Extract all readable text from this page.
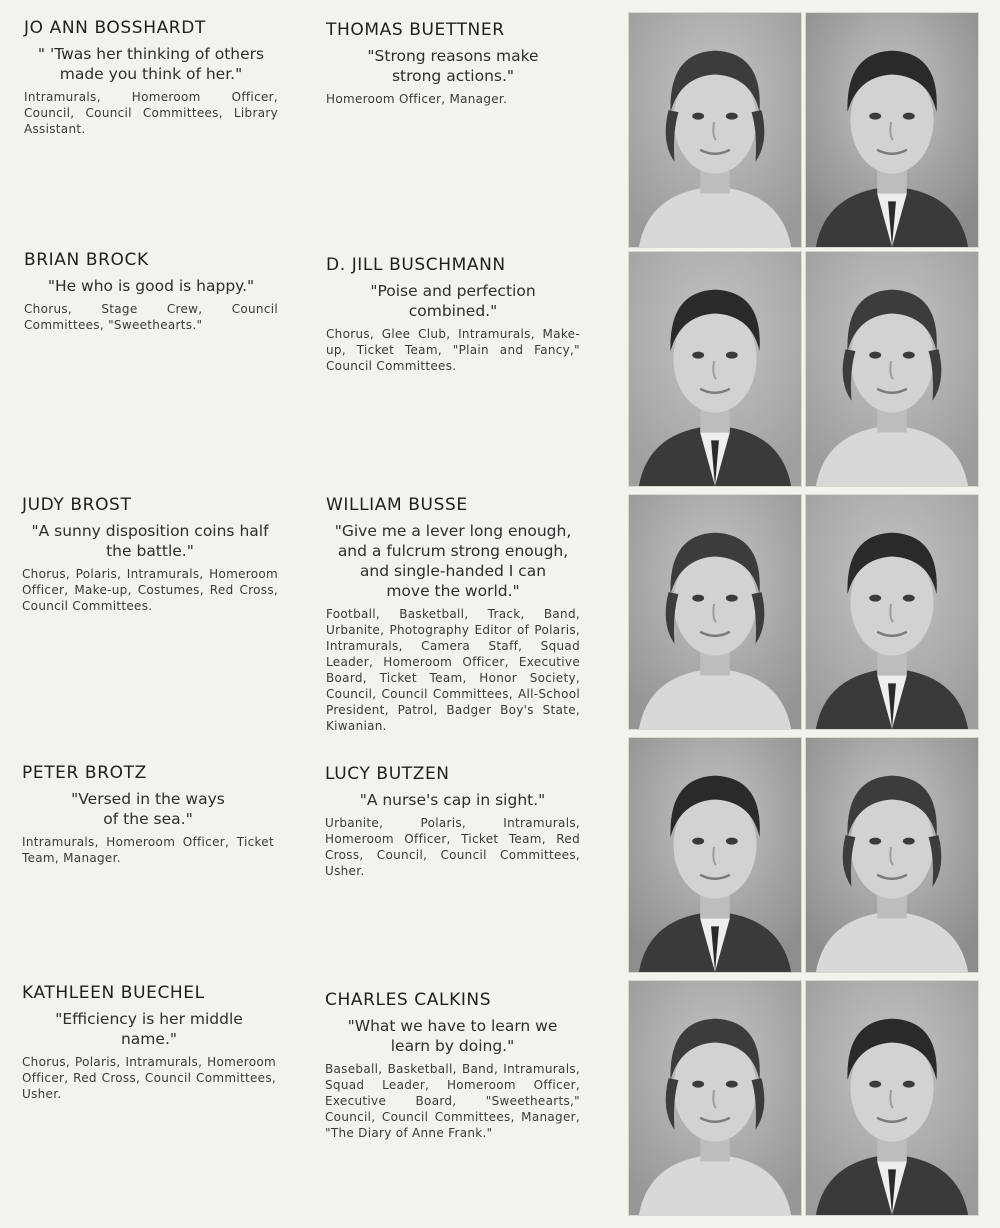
JO ANN BOSSHARDT
" 'Twas her thinking of others
made you think of her."
Intramurals, Homeroom Officer, Council, Council Committees, Library Assistant.
THOMAS BUETTNER
"Strong reasons make
strong actions."
Homeroom Officer, Manager.
BRIAN BROCK
"He who is good is happy."
Chorus, Stage Crew, Council Committees, "Sweethearts."
D. JILL BUSCHMANN
"Poise and perfection
combined."
Chorus, Glee Club, Intramurals, Make-up, Ticket Team, "Plain and Fancy," Council Committees.
JUDY BROST
"A sunny disposition coins half
the battle."
Chorus, Polaris, Intramurals, Homeroom Officer, Make-up, Costumes, Red Cross, Council Committees.
WILLIAM BUSSE
"Give me a lever long enough,
and a fulcrum strong enough,
and single-handed I can
move the world."
Football, Basketball, Track, Band, Urbanite, Photography Editor of Polaris, Intramurals, Camera Staff, Squad Leader, Homeroom Officer, Executive Board, Ticket Team, Honor Society, Council, Council Committees, All-School President, Patrol, Badger Boy's State, Kiwanian.
PETER BROTZ
"Versed in the ways
of the sea."
Intramurals, Homeroom Officer, Ticket Team, Manager.
LUCY BUTZEN
"A nurse's cap in sight."
Urbanite, Polaris, Intramurals, Homeroom Officer, Ticket Team, Red Cross, Council, Council Committees, Usher.
KATHLEEN BUECHEL
"Efficiency is her middle
name."
Chorus, Polaris, Intramurals, Homeroom Officer, Red Cross, Council Committees, Usher.
CHARLES CALKINS
"What we have to learn we
learn by doing."
Baseball, Basketball, Band, Intramurals, Squad Leader, Homeroom Officer, Executive Board, "Sweethearts," Council, Council Committees, Manager, "The Diary of Anne Frank."
